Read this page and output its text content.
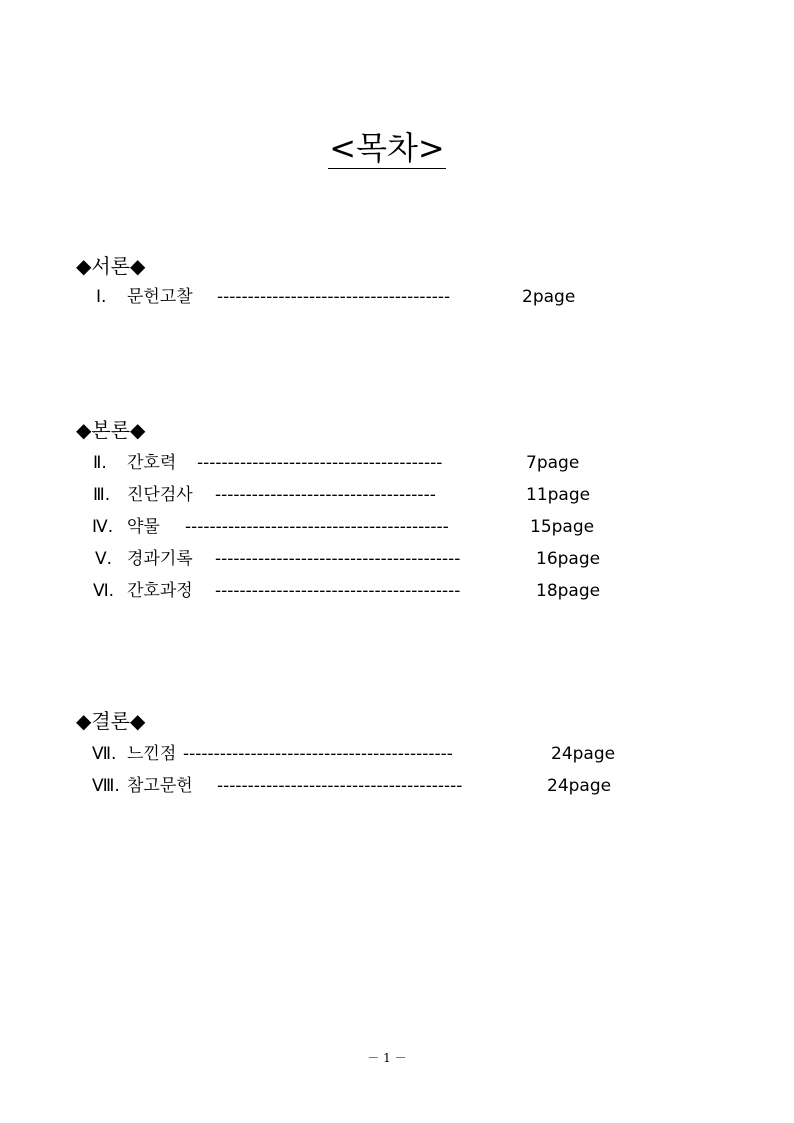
<목차>
◆서론◆
Ⅰ. 문헌고찰 --------------------------------------	2page
◆본론◆
Ⅱ. 간호력 ----------------------------------------	7page
Ⅲ. 진단검사 ------------------------------------	11page
Ⅳ. 약물 -------------------------------------------	15page
Ⅴ. 경과기록 ----------------------------------------	16page
Ⅵ. 간호과정 ----------------------------------------	18page
◆결론◆
Ⅶ. 느낀점 --------------------------------------------	24page
Ⅷ. 참고문헌 ----------------------------------------	24page
－ 1 －
